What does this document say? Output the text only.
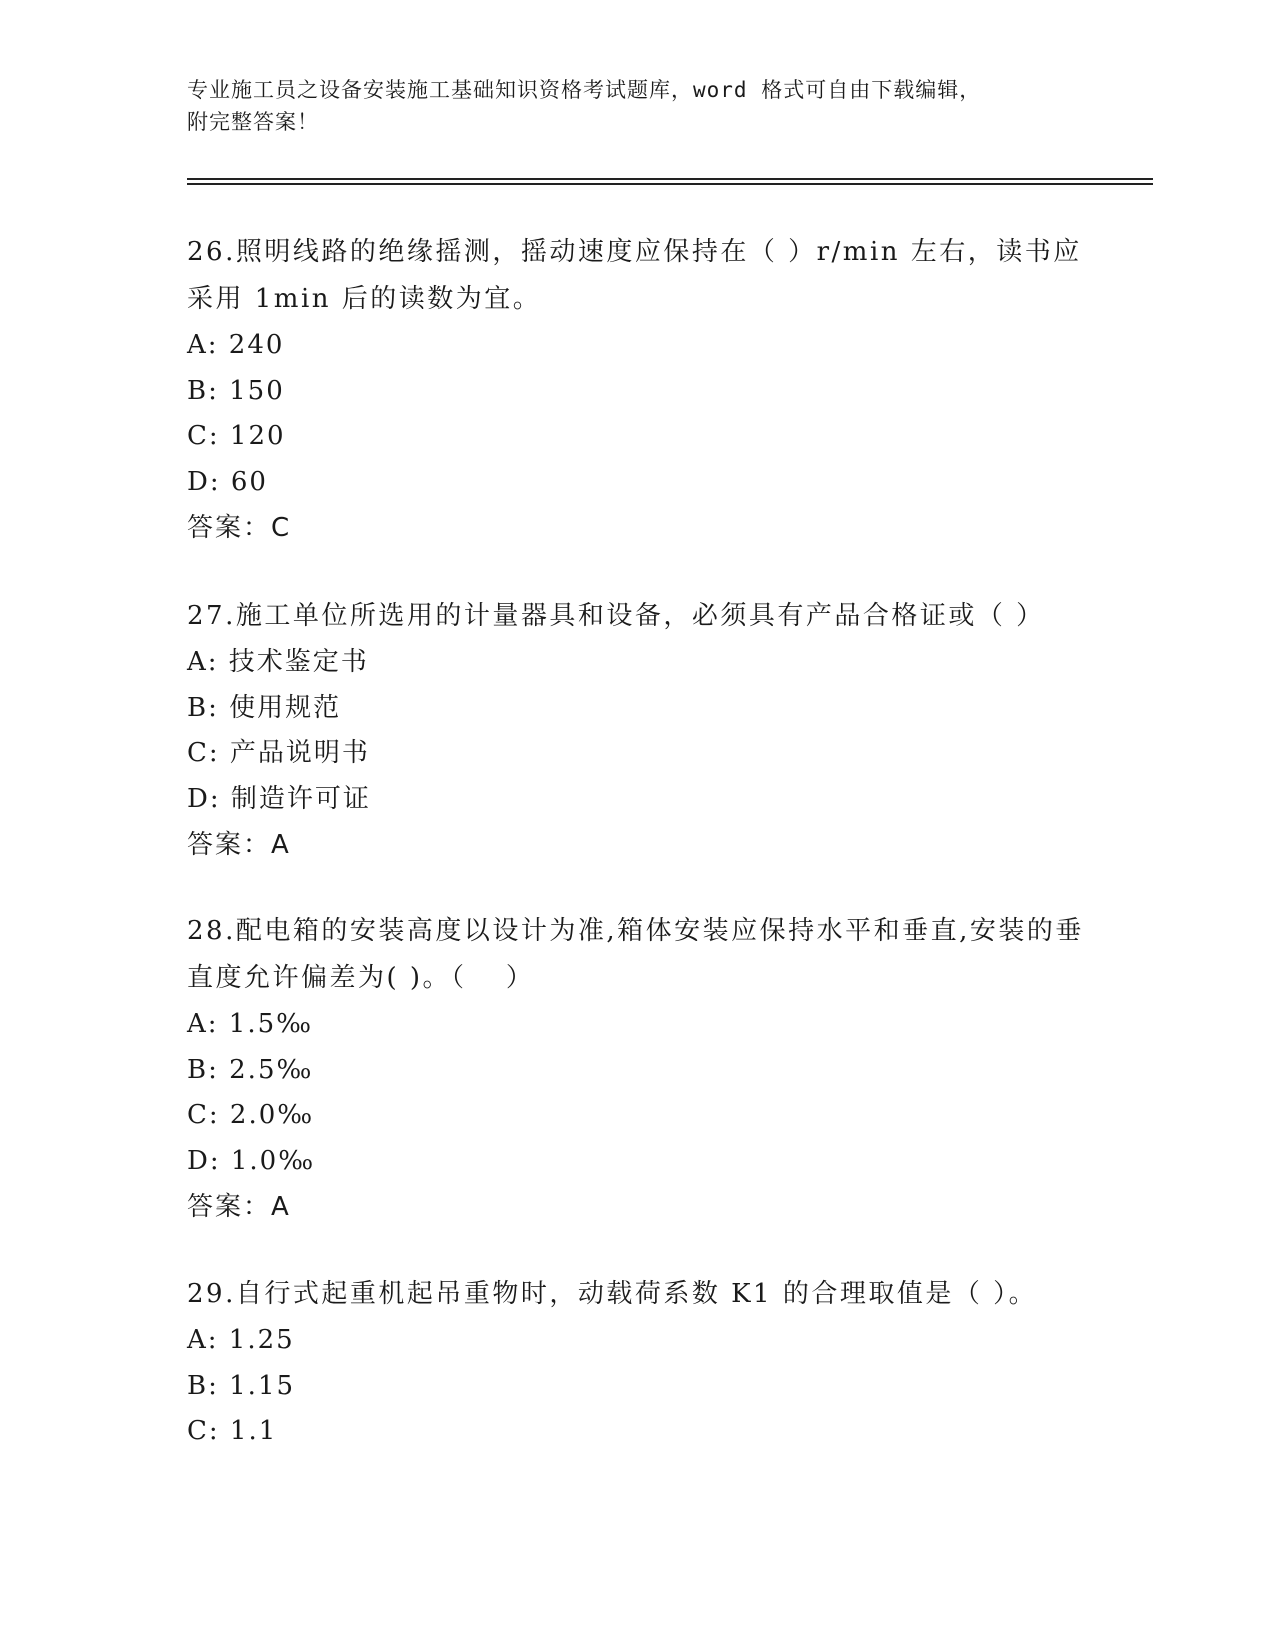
专业施工员之设备安装施工基础知识资格考试题库，word 格式可自由下载编辑，
附完整答案！

26.照明线路的绝缘摇测，摇动速度应保持在（ ）r/min 左右，读书应采用 1min 后的读数为宜。

A: 240

B: 150

C: 120

D: 60

答案：C

27.施工单位所选用的计量器具和设备，必须具有产品合格证或（ ）

A: 技术鉴定书

B: 使用规范

C: 产品说明书

D: 制造许可证

答案：A

28.配电箱的安装高度以设计为准,箱体安装应保持水平和垂直,安装的垂直度允许偏差为( )。（　 ）

A: 1.5‰

B: 2.5‰

C: 2.0‰

D: 1.0‰

答案：A

29.自行式起重机起吊重物时，动载荷系数 K1 的合理取值是（ ）。

A: 1.25

B: 1.15

C: 1.1
